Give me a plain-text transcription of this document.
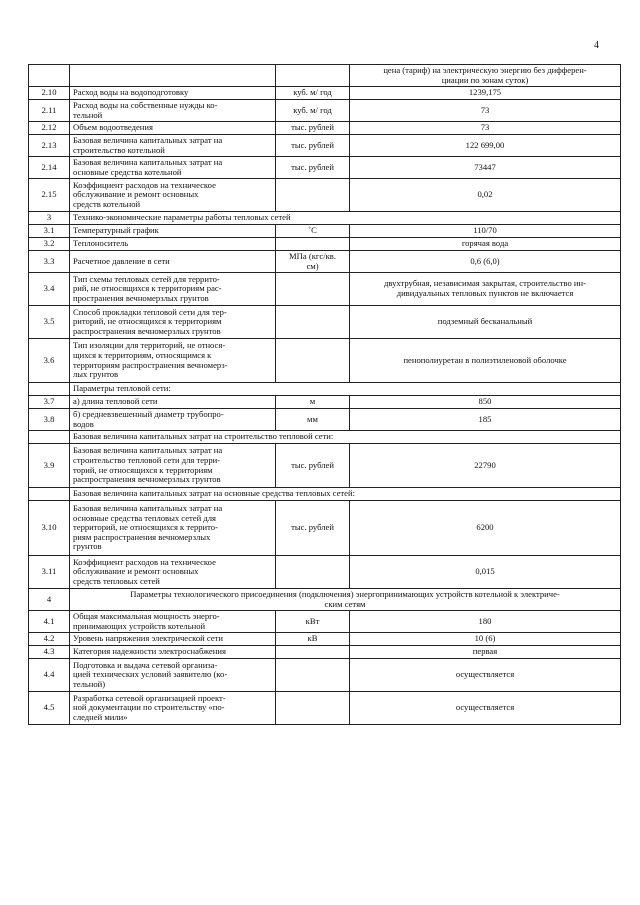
4
			цена (тариф) на электрическую энергию без дифферен-
циации по зонам суток)
2.10	Расход воды на водоподготовку	куб. м/ год	1239,175
2.11	Расход воды на собственные нужды ко-
тельной	куб. м/ год	73
2.12	Объем водоотведения	тыс. рублей	73
2.13	Базовая величина капитальных затрат на
строительство котельной	тыс. рублей	122 699,00
2.14	Базовая величина капитальных затрат на
основные средства котельной	тыс. рублей	73447
2.15	Коэффициент расходов на техническое
обслуживание и ремонт основных
средств котельной		0,02
3	Технико-экономические параметры работы тепловых сетей		
3.1	Температурный график	˚С	110/70
3.2	Теплоноситель		горячая вода
3.3	Расчетное давление в сети	МПа (кгс/кв.
см)	0,6 (6,0)
3.4	Тип схемы тепловых сетей для террито-
рий, не относящихся к территориям рас-
пространения вечномерзлых грунтов		двухтрубная, независимая закрытая, строительство ин-
дивидуальных тепловых пунктов не включается
3.5	Способ прокладки тепловой сети для тер-
риторий, не относящихся к территориям
распространения вечномерзлых грунтов		подземный бесканальный
3.6	Тип изоляции для территорий, не относя-
щихся к территориям, относящимся к
территориям распространения вечномерз-
лых грунтов		пенополиуретан в полиэтиленовой оболочке
	Параметры тепловой сети:		
3.7	а) длина тепловой сети	м	850
3.8	б) средневзвешенный диаметр трубопро-
водов	мм	185
	Базовая величина капитальных затрат на строительство тепловой сети:		
3.9	Базовая величина капитальных затрат на
строительство тепловой сети для терри-
торий, не относящихся к территориям
распространения вечномерзлых грунтов	тыс. рублей	22790
	Базовая величина капитальных затрат на основные средства тепловых сетей:		
3.10	Базовая величина капитальных затрат на
основные средства тепловых сетей для
территорий, не относящихся к террито-
риям распространения вечномерзлых
грунтов	тыс. рублей	6200
3.11	Коэффициент расходов на техническое
обслуживание и ремонт основных
средств тепловых сетей		0,015
4	Параметры технологического присоединения (подключения) энергопринимающих устройств котельной к электриче-
ским сетям		
4.1	Общая максимальная мощность энерго-
принимающих устройств котельной	кВт	180
4.2	Уровень напряжения электрической сети	кВ	10 (6)
4.3	Категория надежности электроснабжения		первая
4.4	Подготовка и выдача сетевой организа-
цией технических условий заявителю (ко-
тельной)		осуществляется
4.5	Разработка сетевой организацией проект-
ной документации по строительству «по-
следней мили»		осуществляется
